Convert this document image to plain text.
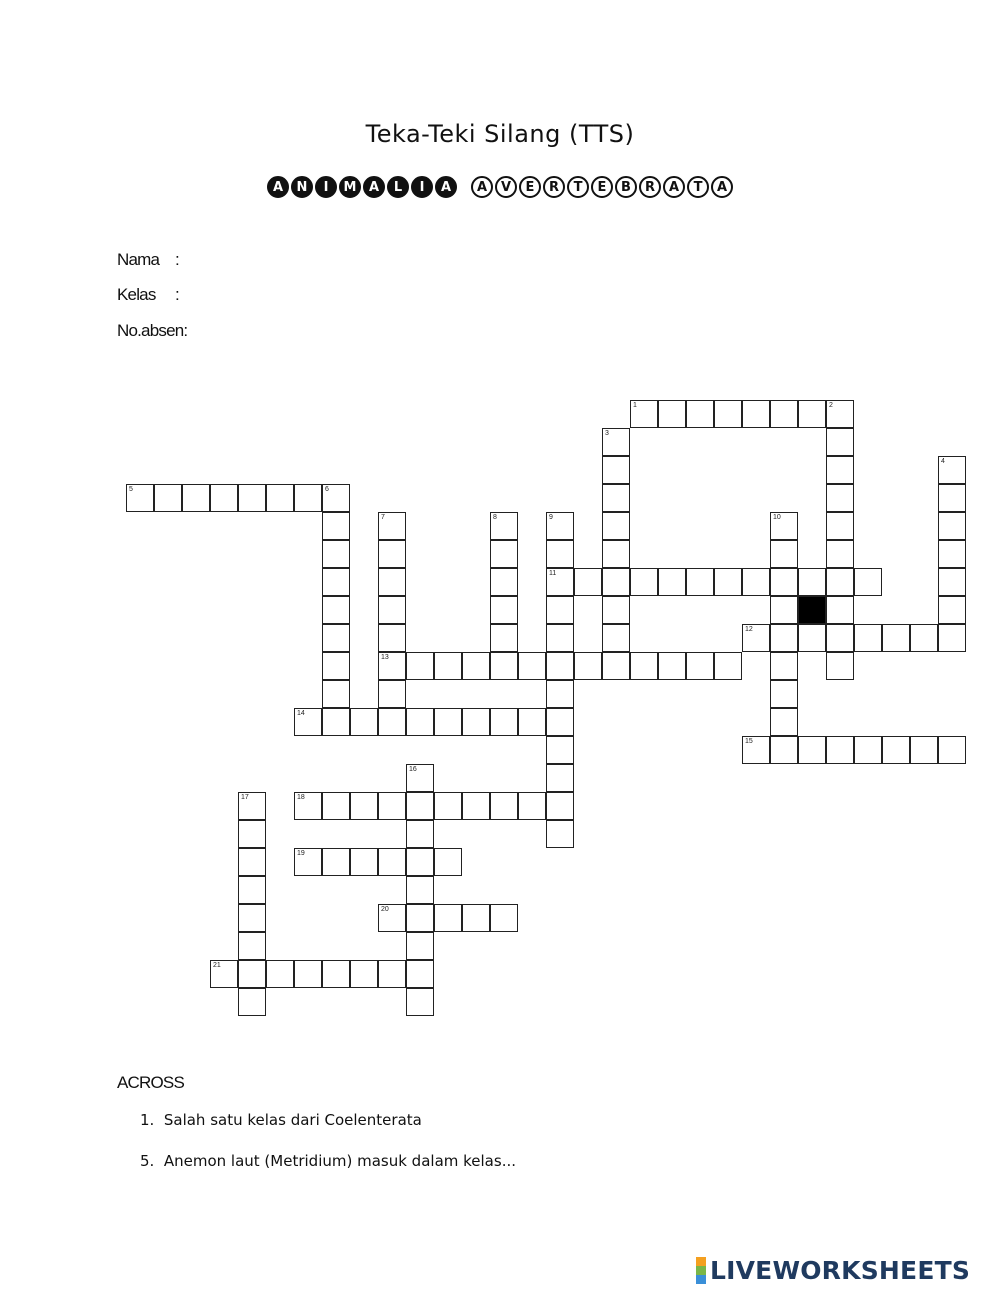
Teka-Teki Silang (TTS)
A	N	I	M A	L	I	A	A	V	E	R	T	E	B	R	A	T	A
Nama :
Kelas :
No.absen:
1	2
3
4
5	6
7
13
8	9
11
10
12
14
15
16
17	18
19
20
21
ACROSS
1. Salah satu kelas dari Coelenterata
5. Anemon laut (Metridium) masuk dalam kelas...
LIVEWORKSHEETS
